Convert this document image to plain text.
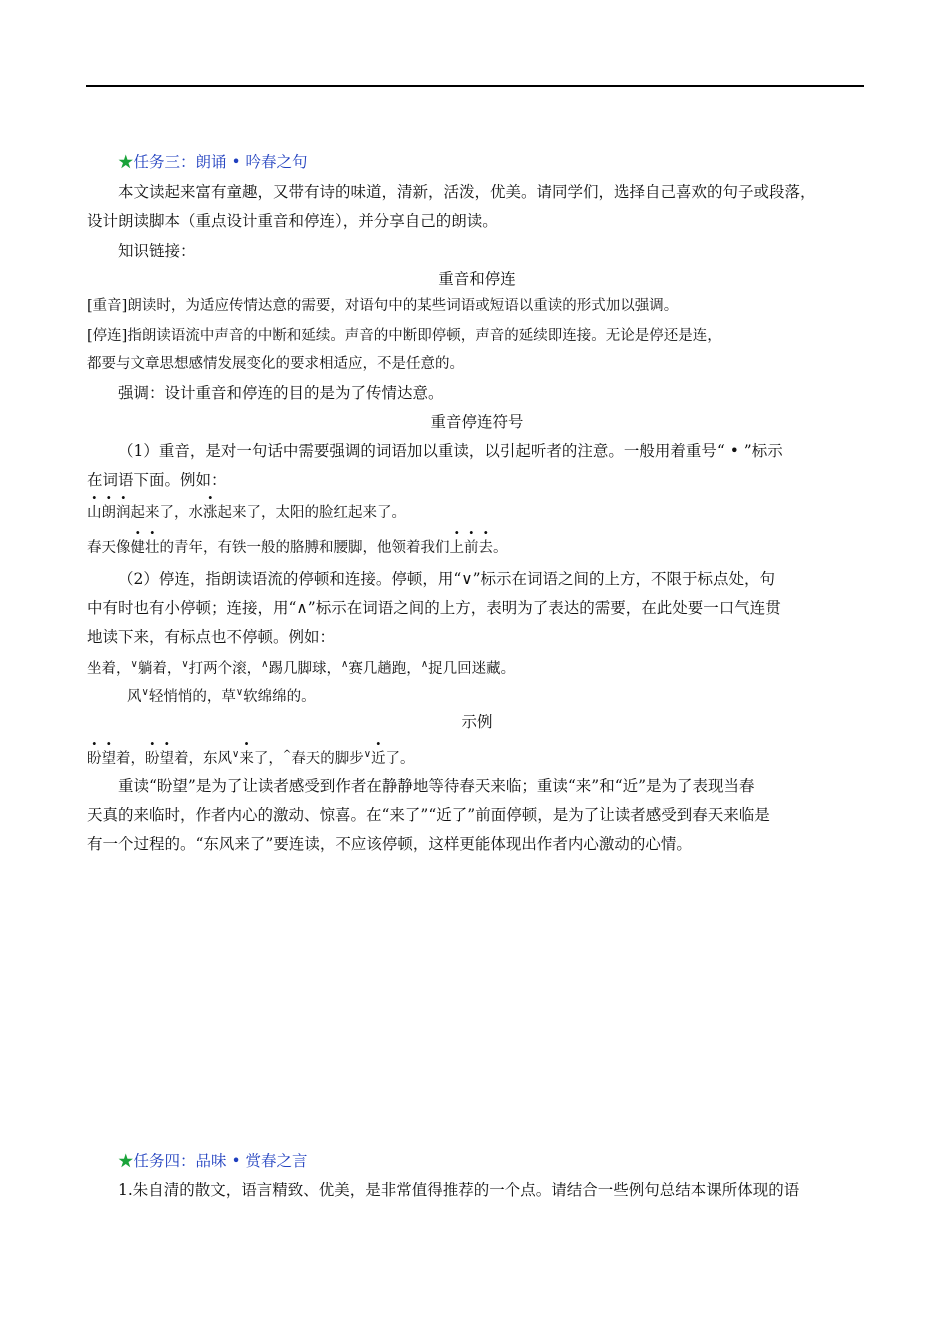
★任务三：朗诵 • 吟春之句
本文读起来富有童趣，又带有诗的味道，清新，活泼，优美。请同学们，选择自己喜欢的句子或段落，
设计朗读脚本（重点设计重音和停连），并分享自己的朗读。
知识链接：
重音和停连
[重音]朗读时，为适应传情达意的需要，对语句中的某些词语或短语以重读的形式加以强调。
[停连]指朗读语流中声音的中断和延续。声音的中断即停顿，声音的延续即连接。无论是停还是连，
都要与文章思想感情发展变化的要求相适应，不是任意的。
强调：设计重音和停连的目的是为了传情达意。
重音停连符号
（1）重音，是对一句话中需要强调的词语加以重读，以引起听者的注意。一般用着重号“ • ”标示
在词语下面。例如：
山朗润起来了，水涨起来了，太阳的脸红起来了。
春天像健壮的青年，有铁一般的胳膊和腰脚，他领着我们上前去。
（2）停连，指朗读语流的停顿和连接。停顿，用“∨”标示在词语之间的上方，不限于标点处，句
中有时也有小停顿；连接，用“∧”标示在词语之间的上方，表明为了表达的需要，在此处要一口气连贯
地读下来，有标点也不停顿。例如：
坐着，∨躺着，∨打两个滚，∧踢几脚球，∧赛几趟跑，∧捉几回迷藏。
风∨轻悄悄的，草∨软绵绵的。
示例
盼望着，盼望着，东风∨来了，^春天的脚步∨近了。
重读“盼望”是为了让读者感受到作者在静静地等待春天来临；重读“来”和“近”是为了表现当春
天真的来临时，作者内心的激动、惊喜。在“来了”“近了”前面停顿，是为了让读者感受到春天来临是
有一个过程的。“东风来了”要连读，不应该停顿，这样更能体现出作者内心激动的心情。
★任务四：品味 • 赏春之言
1.朱自清的散文，语言精致、优美，是非常值得推荐的一个点。请结合一些例句总结本课所体现的语
